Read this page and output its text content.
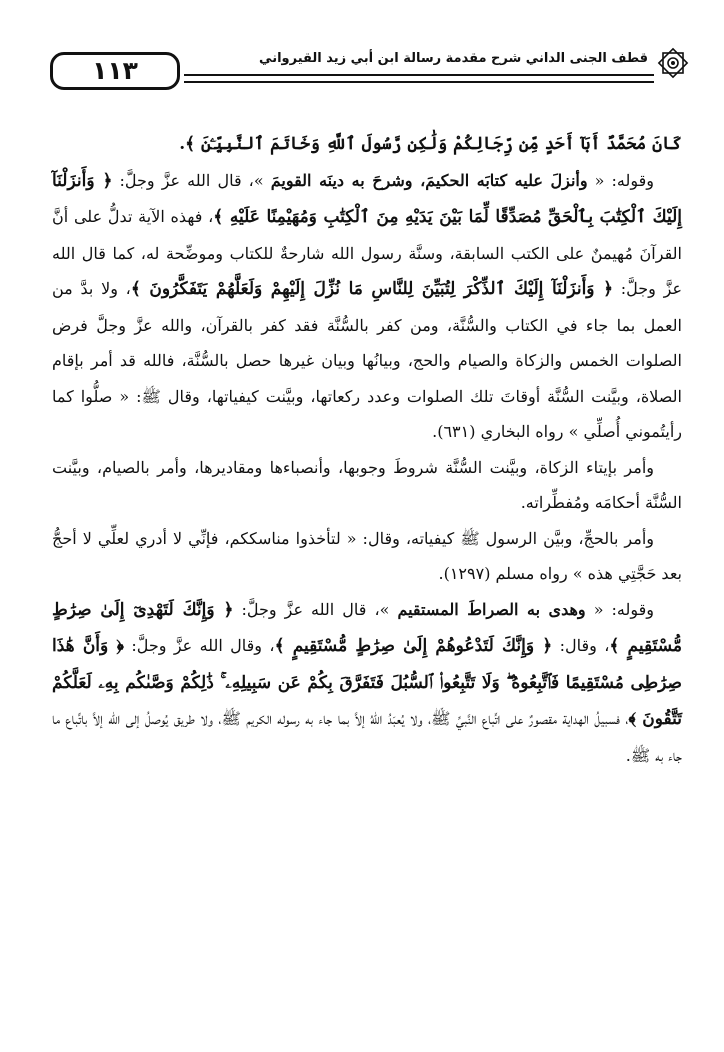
١١٣	قطف الجنى الداني شرح مقدمة رسالة ابن أبي زيد القيرواني

كَانَ مُحَمَّدٌ أَبَآ أَحَدٍ مِّن رِّجَالِكُمْ وَلَٰكِن رَّسُولَ ٱللَّهِ وَخَاتَمَ ٱلنَّبِيِّـۧنَ ﴾.

وقوله: « وأنزلَ عليه كتابَه الحكيمَ، وشرحَ به دينَه القويمَ »، قال الله عزَّ وجلَّ: ﴿ وَأَنزَلْنَآ إِلَيْكَ ٱلْكِتَٰبَ بِٱلْحَقِّ مُصَدِّقًا لِّمَا بَيْنَ يَدَيْهِ مِنَ ٱلْكِتَٰبِ وَمُهَيْمِنًا عَلَيْهِ ﴾، فهذه الآية تدلُّ على أنَّ القرآنَ مُهيمنٌ على الكتب السابقة، وسنَّة رسول الله شارحةٌ للكتاب وموضِّحة له، كما قال الله عزَّ وجلَّ: ﴿ وَأَنزَلْنَآ إِلَيْكَ ٱلذِّكْرَ لِتُبَيِّنَ لِلنَّاسِ مَا نُزِّلَ إِلَيْهِمْ وَلَعَلَّهُمْ يَتَفَكَّرُونَ ﴾، ولا بدَّ من العمل بما جاء في الكتاب والسُّنَّة، ومن كفر بالسُّنَّة فقد كفر بالقرآن، والله عزَّ وجلَّ فرض الصلوات الخمس والزكاة والصيام والحج، وبيانُها وبيان غيرها حصل بالسُّنَّة، فالله قد أمر بإقام الصلاة، وبيَّنت السُّنَّة أوقاتَ تلك الصلوات وعدد ركعاتها، وبيَّنت كيفياتها، وقال ﷺ: « صلُّوا كما رأيتُموني أُصلِّي » رواه البخاري (٦٣١).

وأمر بإيتاء الزكاة، وبيَّنت السُّنَّة شروطَ وجوبها، وأنصباءها ومقاديرها، وأمر بالصيام، وبيَّنت السُّنَّة أحكامَه ومُفطِّراته.

وأمر بالحجِّ، وبيَّن الرسول ﷺ كيفياته، وقال: « لتأخذوا مناسككم، فإنِّي لا أدري لعلِّي لا أحجُّ بعد حَجَّتِي هذه » رواه مسلم (١٢٩٧).

وقوله: « وهدى به الصراطَ المستقيم »، قال الله عزَّ وجلَّ: ﴿ وَإِنَّكَ لَتَهْدِىٓ إِلَىٰ صِرَٰطٍ مُّسْتَقِيمٍ ﴾، وقال: ﴿ وَإِنَّكَ لَتَدْعُوهُمْ إِلَىٰ صِرَٰطٍ مُّسْتَقِيمٍ ﴾، وقال الله عزَّ وجلَّ: ﴿ وَأَنَّ هَٰذَا صِرَٰطِى مُسْتَقِيمًا فَٱتَّبِعُوهُ ۖ وَلَا تَتَّبِعُوا۟ ٱلسُّبُلَ فَتَفَرَّقَ بِكُمْ عَن سَبِيلِهِۦ ۚ ذَٰلِكُمْ وَصَّىٰكُم بِهِۦ لَعَلَّكُمْ تَتَّقُونَ ﴾، فسبيلُ الهداية مقصورٌ على اتِّباع النَّبيِّ ﷺ، ولا يُعبَدُ اللهُ إلاَّ بما جاء به رسوله الكريم ﷺ، ولا طريق يُوصلُ إلى الله إلاَّ باتِّباع ما جاء به ﷺ.
